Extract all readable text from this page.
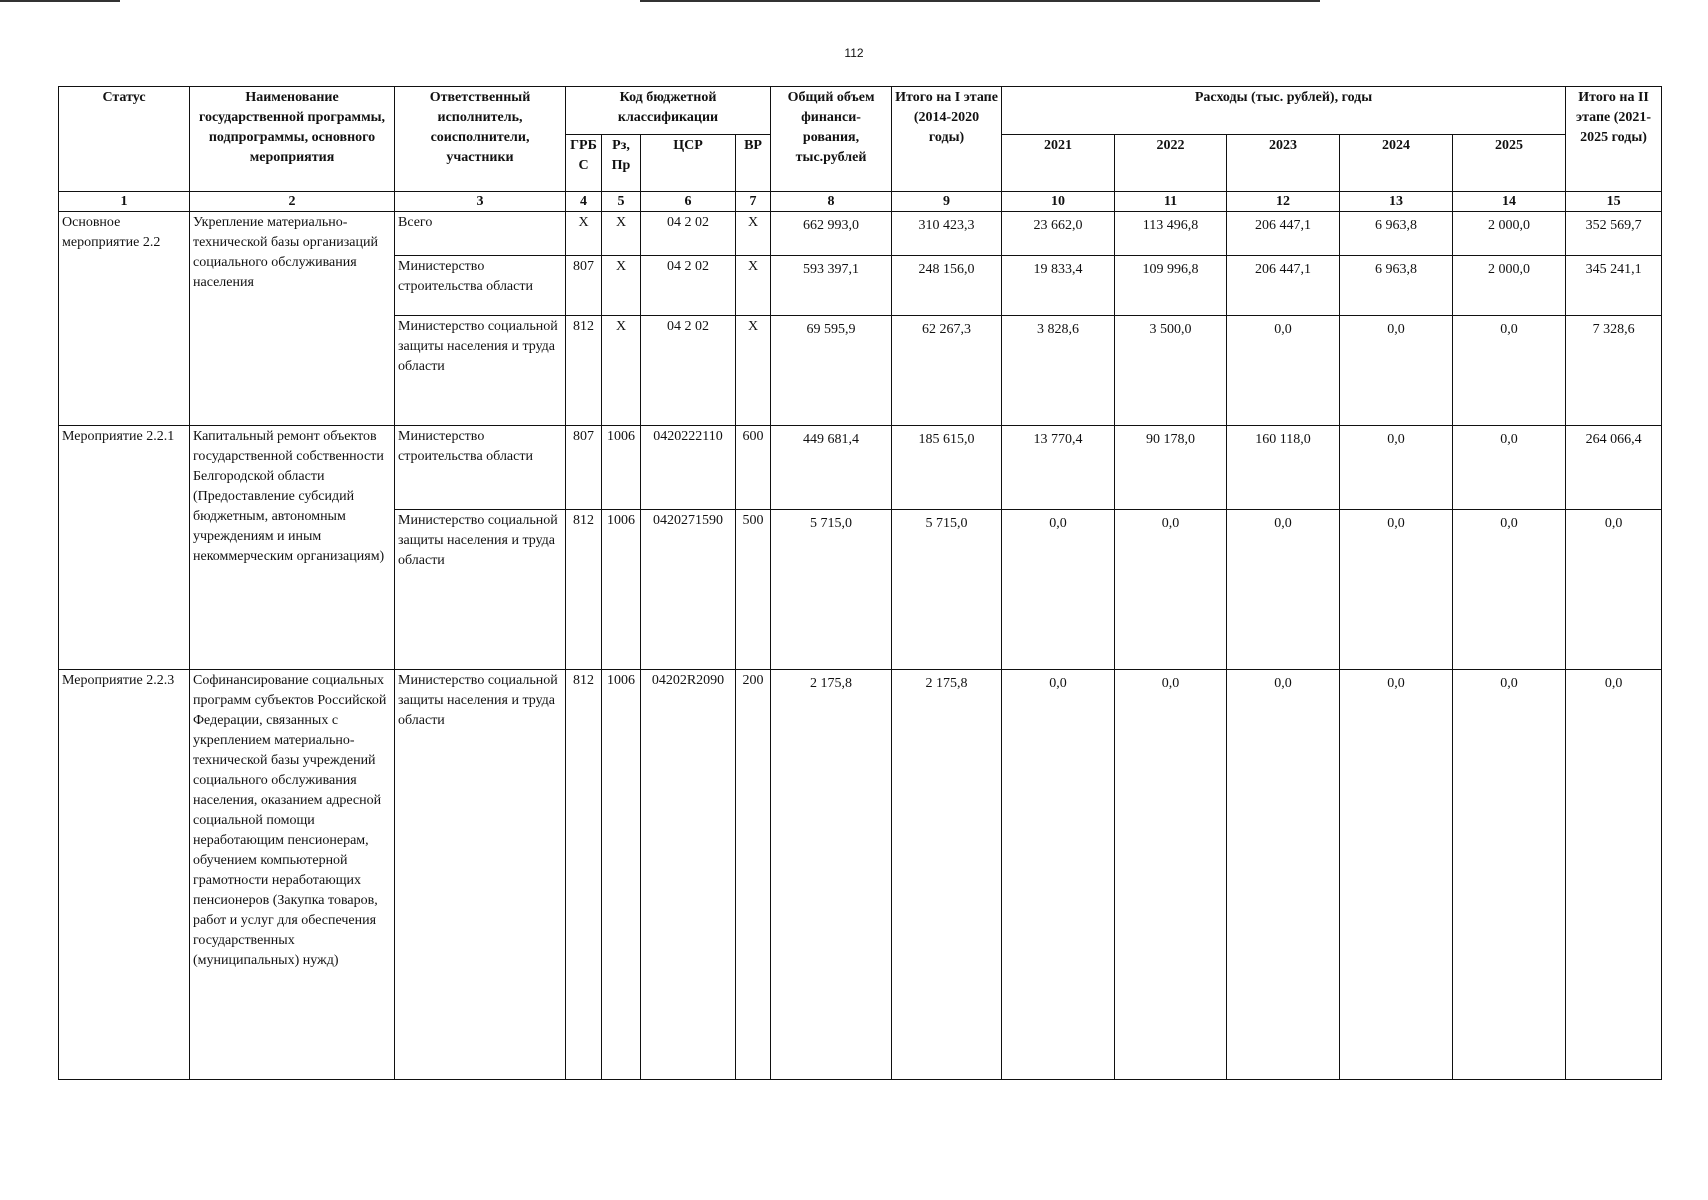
112
Статус	Наименование государственной программы, подпрограммы, основного мероприятия	Ответственный исполнитель, соисполнители, участники	Код бюджетной классификации				Общий объем финанси- рования, тыс.рублей	Итого на I этапе (2014-2020 годы)	Расходы (тыс. рублей), годы					Итого на II этапе (2021-2025 годы)
			ГРБ С	Рз, Пр	ЦСР	ВР			2021	2022	2023	2024	2025	
1	2	3	4	5	6	7	8	9	10	11	12	13	14	15
Основное мероприятие 2.2	Укрепление материально-технической базы организаций социального обслуживания населения	Всего	Х	Х	04 2 02	Х	662 993,0	310 423,3	23 662,0	113 496,8	206 447,1	6 963,8	2 000,0	352 569,7
		Министерство строительства области	807	Х	04 2 02	Х	593 397,1	248 156,0	19 833,4	109 996,8	206 447,1	6 963,8	2 000,0	345 241,1
		Министерство социальной защиты населения и труда области	812	Х	04 2 02	Х	69 595,9	62 267,3	3 828,6	3 500,0	0,0	0,0	0,0	7 328,6
Мероприятие 2.2.1	Капитальный ремонт объектов государственной собственности Белгородской области (Предоставление субсидий бюджетным, автономным учреждениям и иным некоммерческим организациям)	Министерство строительства области	807	1006	0420222110	600	449 681,4	185 615,0	13 770,4	90 178,0	160 118,0	0,0	0,0	264 066,4
		Министерство социальной защиты населения и труда области	812	1006	0420271590	500	5 715,0	5 715,0	0,0	0,0	0,0	0,0	0,0	0,0
Мероприятие 2.2.3	Софинансирование социальных программ субъектов Российской Федерации, связанных с укреплением материально-технической базы учреждений социального обслуживания населения, оказанием адресной социальной помощи неработающим пенсионерам, обучением компьютерной грамотности неработающих пенсионеров (Закупка товаров, работ и услуг для обеспечения государственных (муниципальных) нужд)	Министерство социальной защиты населения и труда области	812	1006	04202R2090	200	2 175,8	2 175,8	0,0	0,0	0,0	0,0	0,0	0,0
